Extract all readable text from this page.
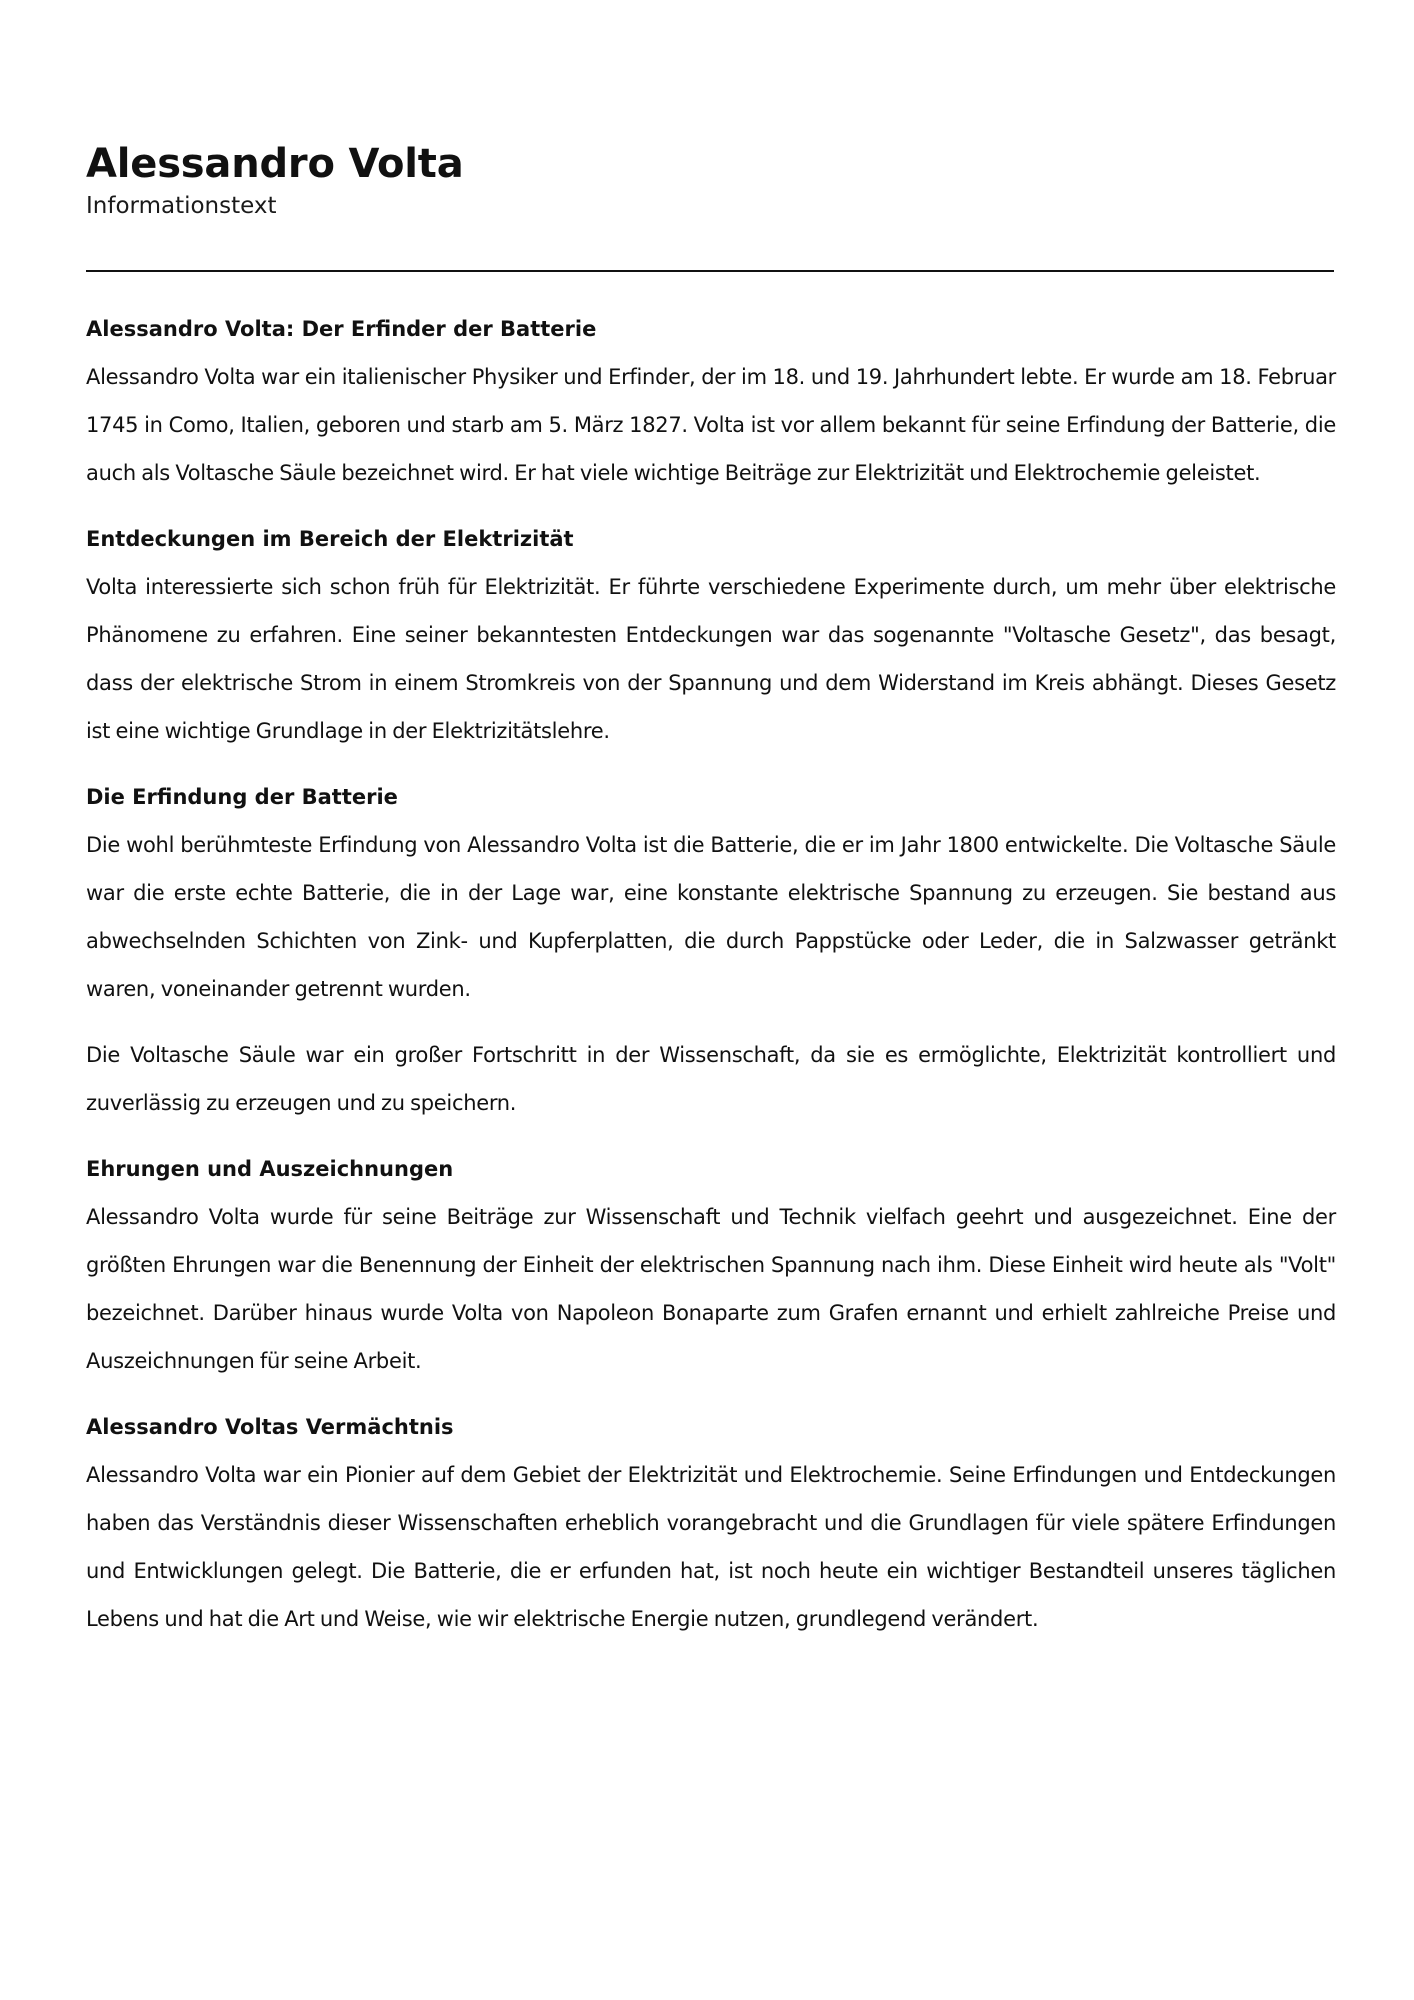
Alessandro Volta
Informationstext
Alessandro Volta: Der Erfinder der Batterie

Alessandro Volta war ein italienischer Physiker und Erfinder, der im 18. und 19. Jahrhundert lebte. Er wurde am 18. Februar 1745 in Como, Italien, geboren und starb am 5. März 1827. Volta ist vor allem bekannt für seine Erfindung der Batterie, die auch als Voltasche Säule bezeichnet wird. Er hat viele wichtige Beiträge zur Elektrizität und Elektrochemie geleistet.

Entdeckungen im Bereich der Elektrizität

Volta interessierte sich schon früh für Elektrizität. Er führte verschiedene Experimente durch, um mehr über elektrische Phänomene zu erfahren. Eine seiner bekanntesten Entdeckungen war das sogenannte "Voltasche Gesetz", das besagt, dass der elektrische Strom in einem Stromkreis von der Spannung und dem Widerstand im Kreis abhängt. Dieses Gesetz ist eine wichtige Grundlage in der Elektrizitätslehre.

Die Erfindung der Batterie

Die wohl berühmteste Erfindung von Alessandro Volta ist die Batterie, die er im Jahr 1800 entwickelte. Die Voltasche Säule war die erste echte Batterie, die in der Lage war, eine konstante elektrische Spannung zu erzeugen. Sie bestand aus abwechselnden Schichten von Zink- und Kupferplatten, die durch Pappstücke oder Leder, die in Salzwasser getränkt waren, voneinander getrennt wurden.

Die Voltasche Säule war ein großer Fortschritt in der Wissenschaft, da sie es ermöglichte, Elektrizität kontrolliert und zuverlässig zu erzeugen und zu speichern.

Ehrungen und Auszeichnungen

Alessandro Volta wurde für seine Beiträge zur Wissenschaft und Technik vielfach geehrt und ausgezeichnet. Eine der größten Ehrungen war die Benennung der Einheit der elektrischen Spannung nach ihm. Diese Einheit wird heute als "Volt" bezeichnet. Darüber hinaus wurde Volta von Napoleon Bonaparte zum Grafen ernannt und erhielt zahlreiche Preise und Auszeichnungen für seine Arbeit.

Alessandro Voltas Vermächtnis

Alessandro Volta war ein Pionier auf dem Gebiet der Elektrizität und Elektrochemie. Seine Erfindungen und Entdeckungen haben das Verständnis dieser Wissenschaften erheblich vorangebracht und die Grundlagen für viele spätere Erfindungen und Entwicklungen gelegt. Die Batterie, die er erfunden hat, ist noch heute ein wichtiger Bestandteil unseres täglichen Lebens und hat die Art und Weise, wie wir elektrische Energie nutzen, grundlegend verändert.
